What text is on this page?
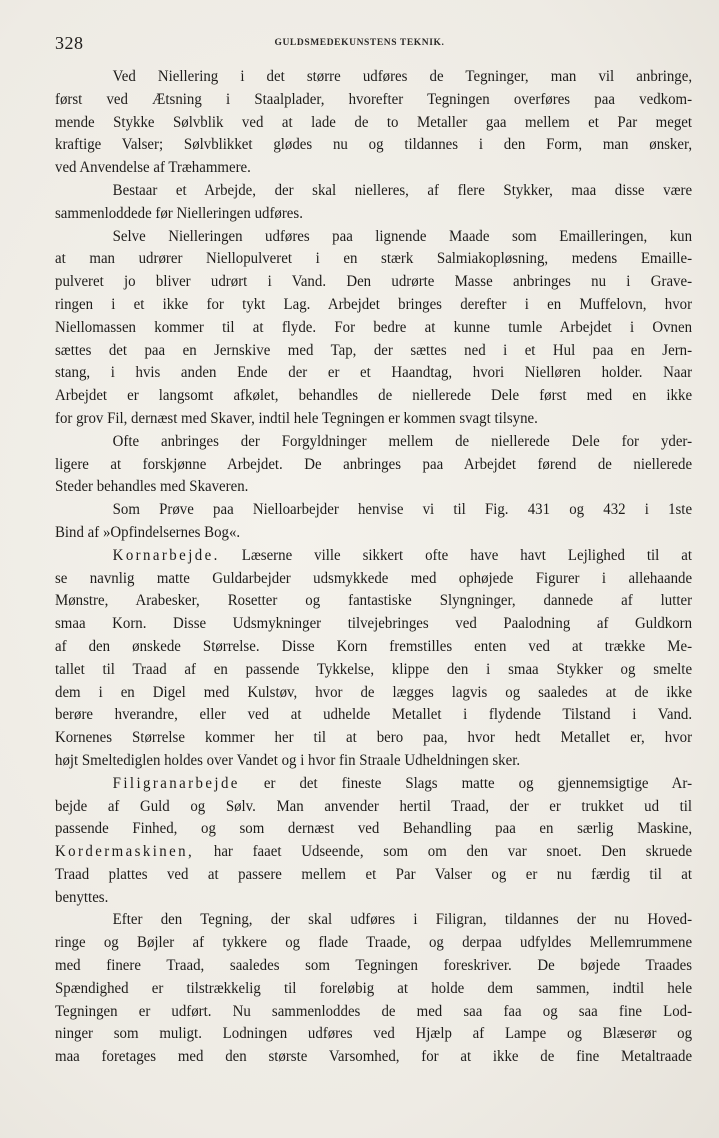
328	GULDSMEDEKUNSTENS TEKNIK.
Ved Niellering i det større udføres de Tegninger, man vil anbringe,
først ved Ætsning i Staalplader, hvorefter Tegningen overføres paa vedkom-
mende Stykke Sølvblik ved at lade de to Metaller gaa mellem et Par meget
kraftige Valser; Sølvblikket glødes nu og tildannes i den Form, man ønsker,
ved Anvendelse af Træhammere.
Bestaar et Arbejde, der skal nielleres, af flere Stykker, maa disse være
sammenloddede før Nielleringen udføres.
Selve Nielleringen udføres paa lignende Maade som Emailleringen, kun
at man udrører Niellopulveret i en stærk Salmiakopløsning, medens Emaille-
pulveret jo bliver udrørt i Vand. Den udrørte Masse anbringes nu i Grave-
ringen i et ikke for tykt Lag. Arbejdet bringes derefter i en Muffelovn, hvor
Niellomassen kommer til at flyde. For bedre at kunne tumle Arbejdet i Ovnen
sættes det paa en Jernskive med Tap, der sættes ned i et Hul paa en Jern-
stang, i hvis anden Ende der er et Haandtag, hvori Nielløren holder. Naar
Arbejdet er langsomt afkølet, behandles de niellerede Dele først med en ikke
for grov Fil, dernæst med Skaver, indtil hele Tegningen er kommen svagt tilsyne.
Ofte anbringes der Forgyldninger mellem de niellerede Dele for yder-
ligere at forskjønne Arbejdet. De anbringes paa Arbejdet førend de niellerede
Steder behandles med Skaveren.
Som Prøve paa Nielloarbejder henvise vi til Fig. 431 og 432 i 1ste
Bind af »Opfindelsernes Bog«.
Kornarbejde. Læserne ville sikkert ofte have havt Lejlighed til at
se navnlig matte Guldarbejder udsmykkede med ophøjede Figurer i allehaande
Mønstre, Arabesker, Rosetter og fantastiske Slyngninger, dannede af lutter
smaa Korn. Disse Udsmykninger tilvejebringes ved Paalodning af Guldkorn
af den ønskede Størrelse. Disse Korn fremstilles enten ved at trække Me-
tallet til Traad af en passende Tykkelse, klippe den i smaa Stykker og smelte
dem i en Digel med Kulstøv, hvor de lægges lagvis og saaledes at de ikke
berøre hverandre, eller ved at udhelde Metallet i flydende Tilstand i Vand.
Kornenes Størrelse kommer her til at bero paa, hvor hedt Metallet er, hvor
højt Smeltediglen holdes over Vandet og i hvor fin Straale Udheldningen sker.
Filigranarbejde er det fineste Slags matte og gjennemsigtige Ar-
bejde af Guld og Sølv. Man anvender hertil Traad, der er trukket ud til
passende Finhed, og som dernæst ved Behandling paa en særlig Maskine,
Kordermaskinen, har faaet Udseende, som om den var snoet. Den skruede
Traad plattes ved at passere mellem et Par Valser og er nu færdig til at
benyttes.
Efter den Tegning, der skal udføres i Filigran, tildannes der nu Hoved-
ringe og Bøjler af tykkere og flade Traade, og derpaa udfyldes Mellemrummene
med finere Traad, saaledes som Tegningen foreskriver. De bøjede Traades
Spændighed er tilstrækkelig til foreløbig at holde dem sammen, indtil hele
Tegningen er udført. Nu sammenloddes de med saa faa og saa fine Lod-
ninger som muligt. Lodningen udføres ved Hjælp af Lampe og Blæserør og
maa foretages med den største Varsomhed, for at ikke de fine Metaltraade
